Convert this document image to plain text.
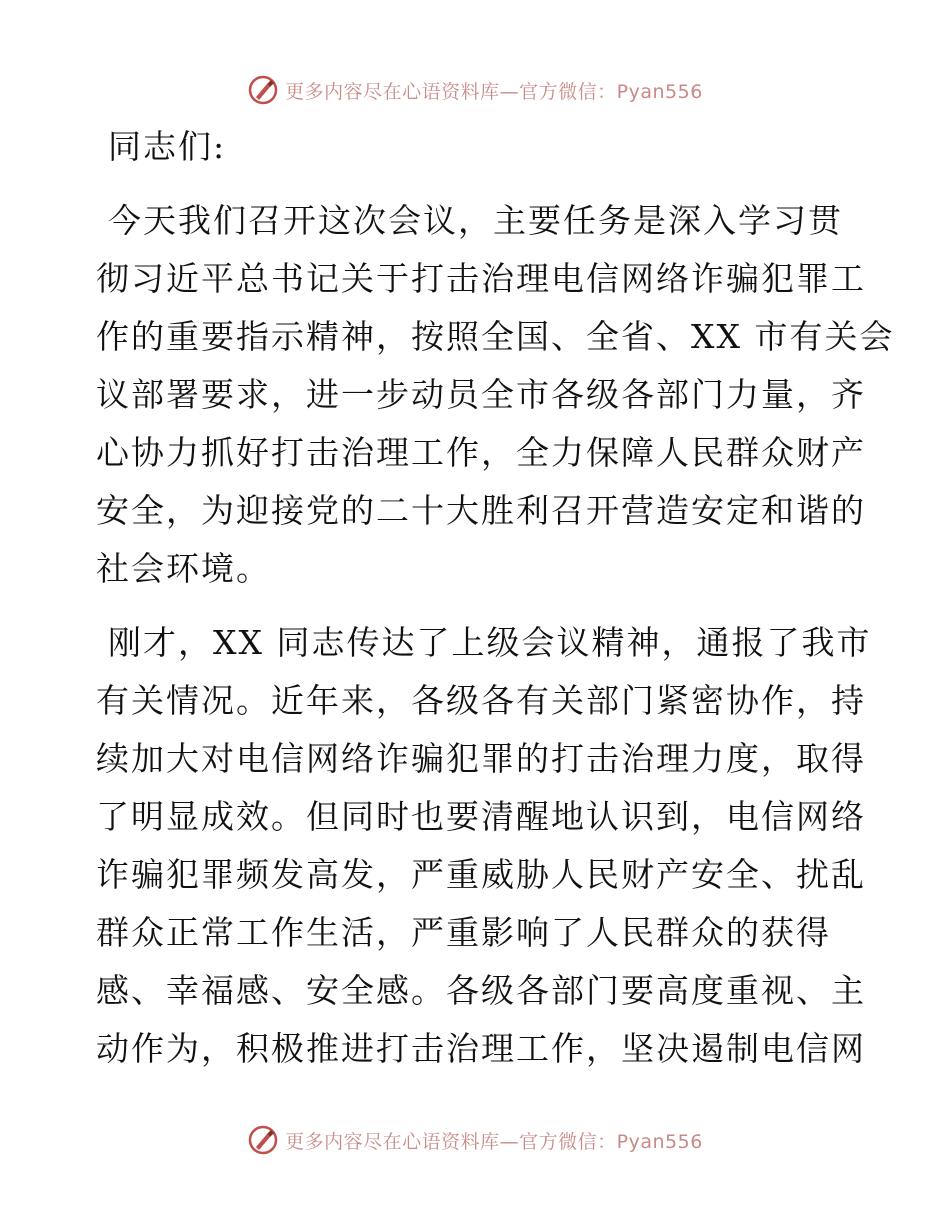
更多内容尽在心语资料库—官方微信：Pyan556
同志们:
今天我们召开这次会议，主要任务是深入学习贯
彻习近平总书记关于打击治理电信网络诈骗犯罪工
作的重要指示精神，按照全国、全省、XX 市有关会
议部署要求，进一步动员全市各级各部门力量，齐
心协力抓好打击治理工作，全力保障人民群众财产
安全，为迎接党的二十大胜利召开营造安定和谐的
社会环境。
刚才，XX 同志传达了上级会议精神，通报了我市
有关情况。近年来，各级各有关部门紧密协作，持
续加大对电信网络诈骗犯罪的打击治理力度，取得
了明显成效。但同时也要清醒地认识到，电信网络
诈骗犯罪频发高发，严重威胁人民财产安全、扰乱
群众正常工作生活，严重影响了人民群众的获得
感、幸福感、安全感。各级各部门要高度重视、主
动作为，积极推进打击治理工作，坚决遏制电信网
更多内容尽在心语资料库—官方微信：Pyan556
